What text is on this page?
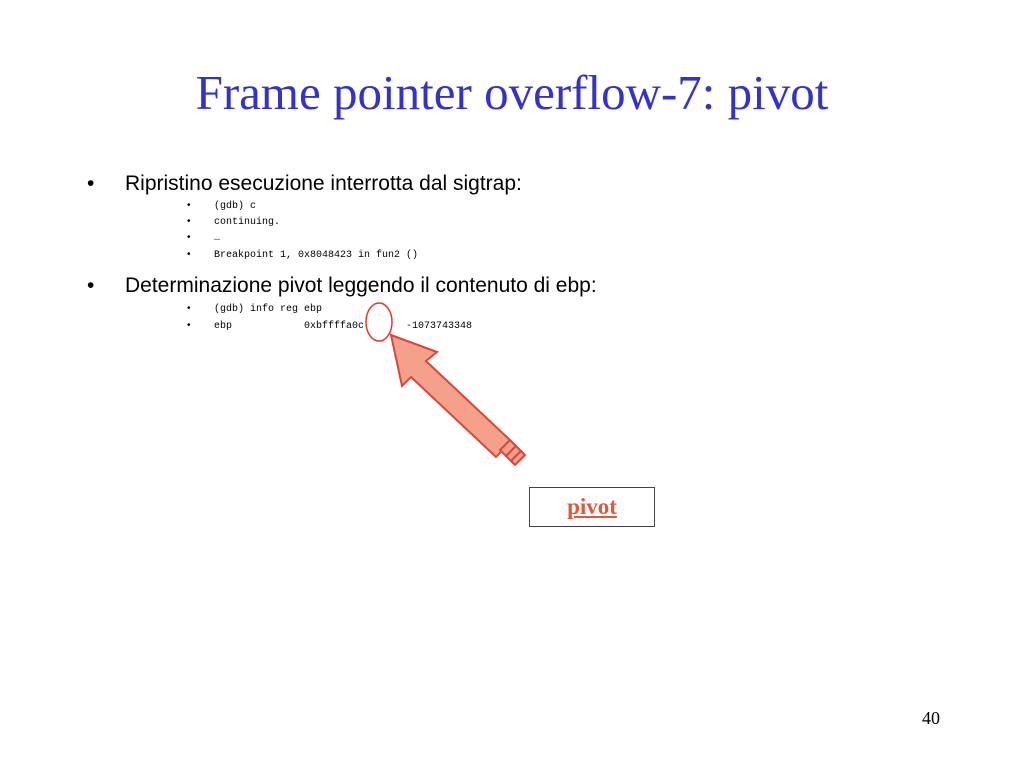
Frame pointer overflow-7: pivot
• Ripristino esecuzione interrotta dal sigtrap:
• (gdb) c
• continuing.
• …
• Breakpoint 1, 0x8048423 in fun2 ()
• Determinazione pivot leggendo il contenuto di ebp:
• (gdb) info reg ebp
• ebp            0xbffffa0c       -1073743348
pivot
40
